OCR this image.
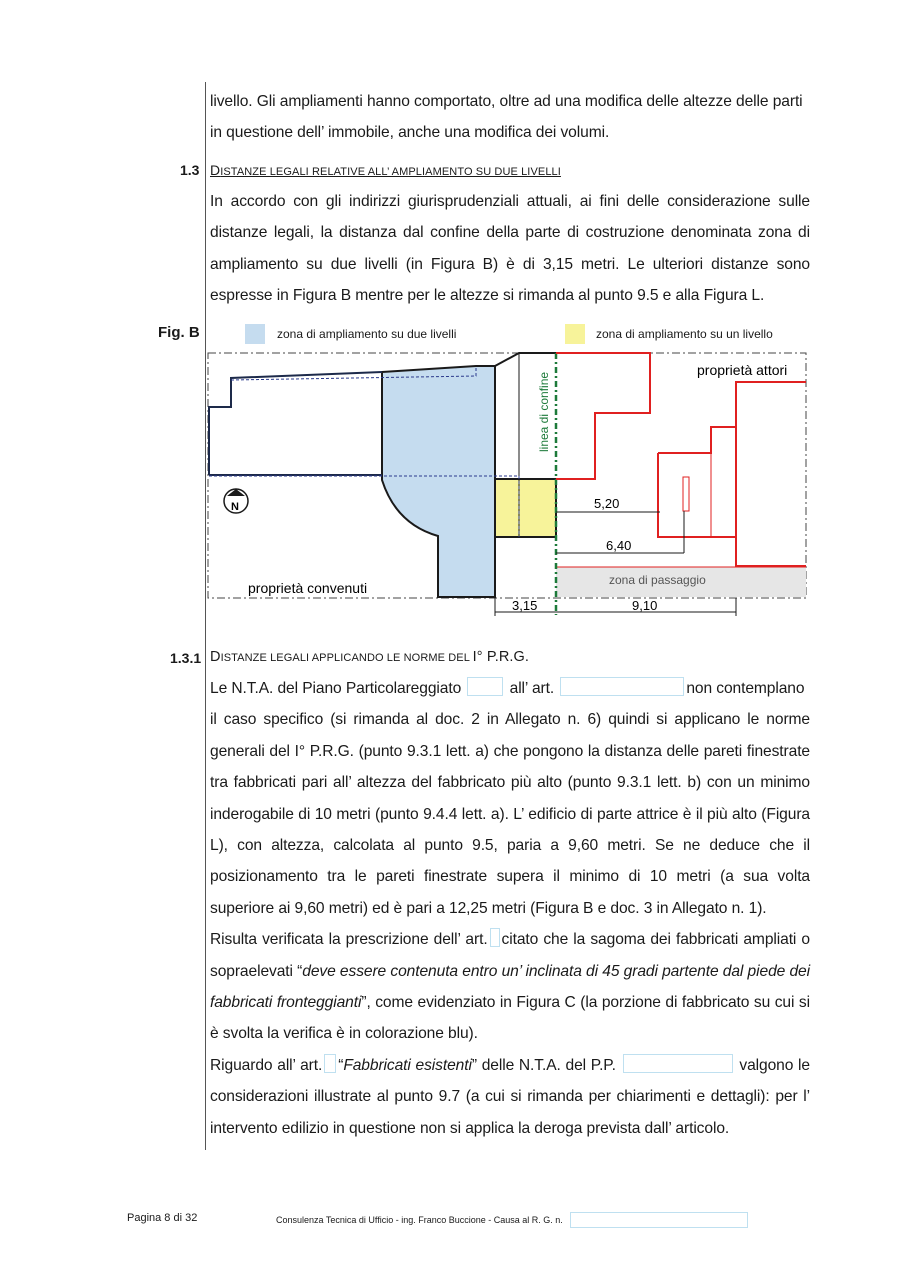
livello. Gli ampliamenti hanno comportato, oltre ad una modifica delle altezze delle parti

in questione dell’ immobile, anche una modifica dei volumi.

1.3 DISTANZE LEGALI RELATIVE ALL’ AMPLIAMENTO SU DUE LIVELLI
In accordo con gli indirizzi giurisprudenziali attuali, ai fini delle considerazione sulle distanze legali, la distanza dal confine della parte di costruzione denominata zona di ampliamento su due livelli (in Figura B) è di 3,15 metri. Le ulteriori distanze sono espresse in Figura B mentre per le altezze si rimanda al punto 9.5 e alla Figura L.
Fig. B	zona di ampliamento su due livelli	zona di ampliamento su un livello
5,20
6,40
3,15	9,10
proprietà attori
proprietà convenuti	zona di passaggio
linea di confine
N
1.3.1 DISTANZE LEGALI APPLICANDO LE NORME DEL I° P.R.G.

Le N.T.A. del Piano Particolareggiato	all’ art.	non contemplano

il caso specifico (si rimanda al doc. 2 in Allegato n. 6) quindi si applicano le norme generali del I° P.R.G. (punto 9.3.1 lett. a) che pongono la distanza delle pareti finestrate tra fabbricati pari all’ altezza del fabbricato più alto (punto 9.3.1 lett. b) con un minimo inderogabile di 10 metri (punto 9.4.4 lett. a). L’ edificio di parte attrice è il più alto (Figura L), con altezza, calcolata al punto 9.5, paria a 9,60 metri. Se ne deduce che il posizionamento tra le pareti finestrate supera il minimo di 10 metri (a sua volta superiore ai 9,60 metri) ed è pari a 12,25 metri (Figura B e doc. 3 in Allegato n. 1).

Risulta verificata la prescrizione dell’ art. citato che la sagoma dei fabbricati ampliati o sopraelevati “deve essere contenuta entro un’ inclinata di 45 gradi partente dal piede dei fabbricati fronteggianti”, come evidenziato in Figura C (la porzione di fabbricato su cui si è svolta la verifica è in colorazione blu).

Riguardo all’ art. “Fabbricati esistenti” delle N.T.A. del P.P.	valgono le considerazioni illustrate al punto 9.7 (a cui si rimanda per chiarimenti e dettagli): per l’ intervento edilizio in questione non si applica la deroga prevista dall’ articolo.

Pagina 8 di 32	Consulenza Tecnica di Ufficio - ing. Franco Buccione - Causa al R. G. n.
